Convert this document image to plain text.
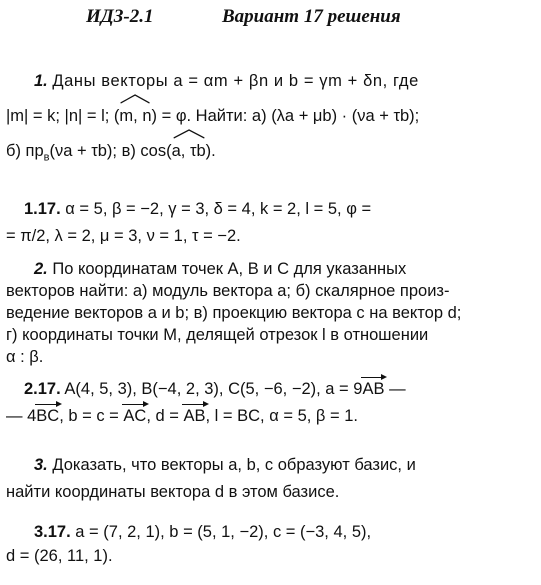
ИДЗ-2.1	Вариант 17 решения
1. Даны векторы a = αm + βn и b = γm + δn, где
|m| = k; |n| = l; (
m, n) = φ. Найти: а) (λa + μb) · (νa + τb);
б) $пр_в(\nu a + \tau b)$; в) cos(
a, τb).
1.17. α = 5, β = −2, γ = 3, δ = 4, k = 2, l = 5, φ =
= π/2, λ = 2, μ = 3, ν = 1, τ = −2.
2. По координатам точек A, B и C для указанных
векторов найти: а) модуль вектора a; б) скалярное произ-
ведение векторов a и b; в) проекцию вектора c на вектор d;
г) координаты точки M, делящей отрезок l в отношении
α : β.
2.17. A(4, 5, 3), B(−4, 2, 3), C(5, −6, −2), a = 9AB —
— 4BC, b = c = AC, d = AB, l = BC, α = 5, β = 1.
3. Доказать, что векторы a, b, c образуют базис, и
найти координаты вектора d в этом базисе.
3.17. a = (7, 2, 1), b = (5, 1, −2), c = (−3, 4, 5),
d = (26, 11, 1).
